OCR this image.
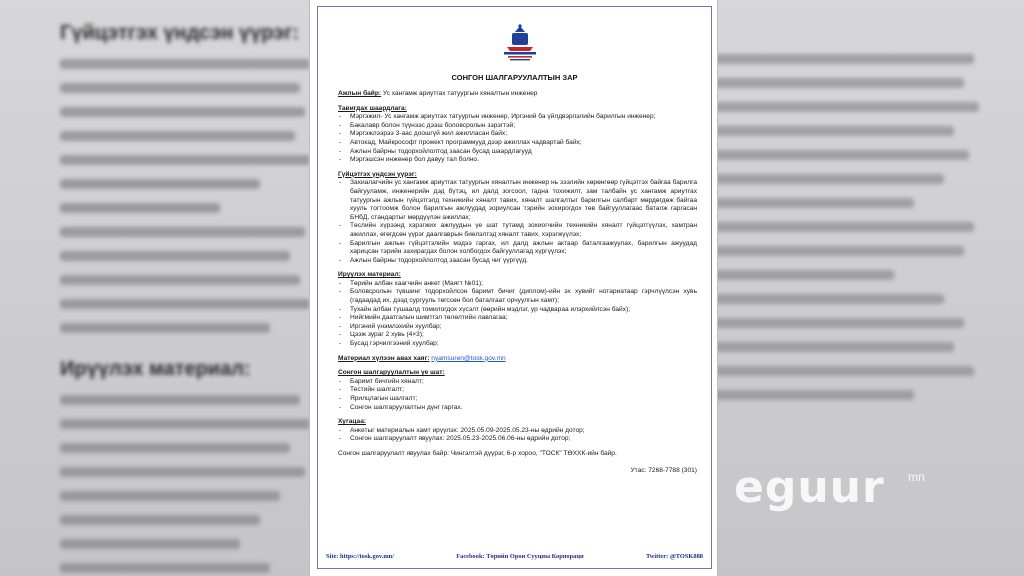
Гүйцэтгэх үндсэн үүрэг:
Ирүүлэх материал:
eguur mn
СОНГОН ШАЛГАРУУЛАЛТЫН ЗАР
Ажлын байр: Ус хангамж ариутгах татуургын хяналтын инженер
Тавигдах шаардлага:
- Мэргэжил- Ус хангамж ариутгах татуургын инженер, Иргэний ба үйлдвэрлэлийн барилгын инженер;
- Бакалавр болон түүнээс дээш боловсролын зэрэгтэй;
- Мэргэжлээрээ 3-аас доошгүй жил ажилласан байх;
- Автокад, Майкрософт прожект программууд дээр ажиллах чадвартай байх;
- Ажлын байрны тодорхойлолтод заасан бусад шаардлагууд
- Мэргэшсэн инженер бол давуу тал болно.
Гүйцэтгэх үндсэн үүрэг:
- Захиалагчийн ус хангамж ариутгах татуургын хяналтын инженер нь зээлийн хөрөнгөөр гүйцэтгэх байгаа барилга байгууламж, инженерийн дэд бүтэц, ил далд зогсоол, гадна тохижилт, зам талбайн ус хангамж ариутгах татуургын ажлын гүйцэтгэлд техникийн хяналт тавих, хяналт шалгалтыг барилгын салбарт мөрдөгдөж байгаа хууль тогтоомж болон барилгын ажлуудад зориулсан тэрийн зохирогдох төв байгууллагаас баталж гаргасан БНбД, стандартыг мөрдүүлэн ажиллах;
- Төслийн хүрээнд хэрэгжих ажлуудын үе шат тутамд зохиогчийн техникийн хяналт гүйцэтгүүлэх, хамтран ажиллах, өгөгдсөн үүрэг даалгаврын биелэлтэд хяналт тавих, хэрэгжүүлэх;
- Барилгын ажлын гүйцэтгэлийн мэдээ гаргах, ил далд ажлын актаар баталгаажуулах, барилгын ажуудад харицсан тэрийн захирагдах болон холбогдох байгууллагад хүргүүлэх;
- Ажлын байрны тодорхойлолтод заасан бусад чиг үүргүүд.
Ирүүлэх материал:
- Төрийн албан хаагчийн анкет (Маягт №01);
- Боловсролын түвшинг тодорхойлсон баримт бичиг (диплом)-ийн эх хувийг нотариатаар гэрчлүүлсэн хувь (гадаадад их, дээд сургууль төгссөн бол баталгаат орчуулгын хамт);
- Тухайн албан тушаалд томилогдох хүсэлт (өөрийн мэдлэг, ур чадвараа илэрхийлсэн байх);
- Нийгмийн даатгалын шимтгэл төлөлтийн лавлагаа;
- Иргэний үнэмлэхийн хуулбар;
- Цээж зураг 2 хувь (4×3);
- Бусад гэрчилгээний хуулбар;
Материал хүлээн авах хаяг: nyamsuren@tosk.gov.mn
Сонгон шалгаруулалтын үе шат:
- Баримт бичгийн хяналт;
- Тестийн шалгалт;
- Ярилцлагын шалгалт;
- Сонгон шалгаруулалтын дүнг гаргах.
Хугацаа:
- Анкетыг материалын хамт ирүүлэх: 2025.05.09-2025.05.23-ны өдрийн дотор;
- Сонгон шалгаруулалт явуулах: 2025.05.23-2025.06.06-ны өдрийн дотор;
Сонгон шалгаруулалт явуулах байр: Чингэлтэй дүүрэг, 6-р хороо, "ТОСК" ТӨХХК-ийн байр.
Утас: 7268-7788 (301)
Site: https://tosk.gov.mn/	Facebook: Төрийн Орон Сууцны Корпораци	Twitter: @TOSK888
